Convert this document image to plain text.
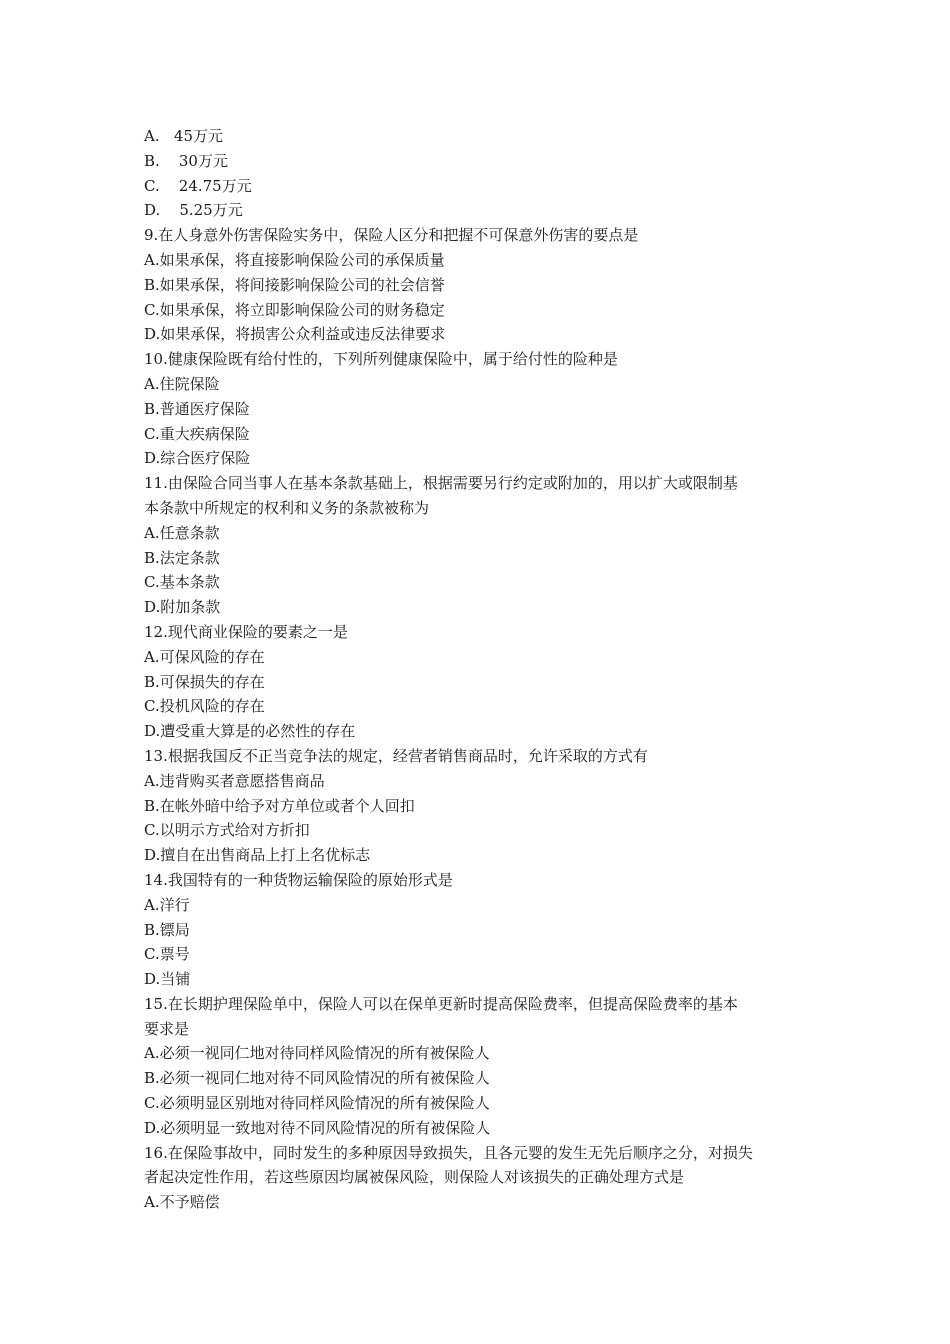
A.   45万元

B.    30万元

C.    24.75万元

D.    5.25万元

9.在人身意外伤害保险实务中，保险人区分和把握不可保意外伤害的要点是

A.如果承保，将直接影响保险公司的承保质量

B.如果承保，将间接影响保险公司的社会信誉

C.如果承保，将立即影响保险公司的财务稳定

D.如果承保，将损害公众利益或违反法律要求

10.健康保险既有给付性的，下列所列健康保险中，属于给付性的险种是

A.住院保险

B.普通医疗保险

C.重大疾病保险

D.综合医疗保险

11.由保险合同当事人在基本条款基础上，根据需要另行约定或附加的，用以扩大或限制基

本条款中所规定的权利和义务的条款被称为

A.任意条款

B.法定条款

C.基本条款

D.附加条款

12.现代商业保险的要素之一是

A.可保风险的存在

B.可保损失的存在

C.投机风险的存在

D.遭受重大算是的必然性的存在

13.根据我国反不正当竞争法的规定，经营者销售商品时，允许采取的方式有

A.违背购买者意愿搭售商品

B.在帐外暗中给予对方单位或者个人回扣

C.以明示方式给对方折扣

D.擅自在出售商品上打上名优标志

14.我国特有的一种货物运输保险的原始形式是

A.洋行

B.镖局

C.票号

D.当铺

15.在长期护理保险单中，保险人可以在保单更新时提高保险费率，但提高保险费率的基本

要求是

A.必须一视同仁地对待同样风险情况的所有被保险人

B.必须一视同仁地对待不同风险情况的所有被保险人

C.必须明显区别地对待同样风险情况的所有被保险人

D.必须明显一致地对待不同风险情况的所有被保险人

16.在保险事故中，同时发生的多种原因导致损失，且各元婴的发生无先后顺序之分，对损失

者起决定性作用，若这些原因均属被保风险，则保险人对该损失的正确处理方式是

A.不予赔偿
